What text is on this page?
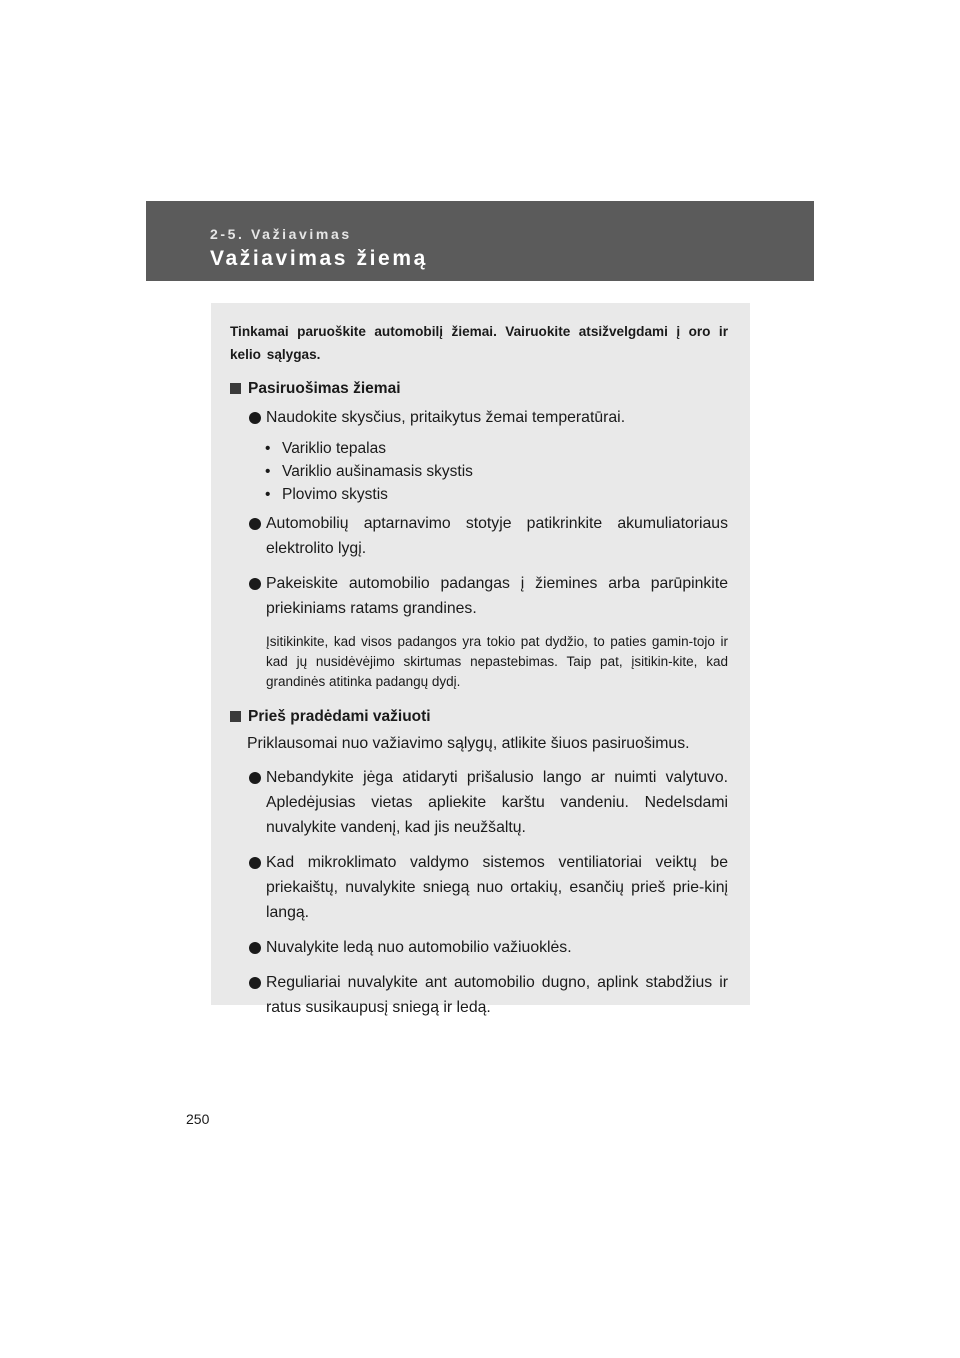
2-5. Važiavimas
Važiavimas žiemą

Tinkamai paruoškite automobilį žiemai. Vairuokite atsižvelgdami į oro ir kelio sąlygas.

Pasiruošimas žiemai

Naudokite skysčius, pritaikytus žemai temperatūrai.

• Variklio tepalas

• Variklio aušinamasis skystis

• Plovimo skystis

Automobilių aptarnavimo stotyje patikrinkite akumuliatoriaus elektrolito lygį.

Pakeiskite automobilio padangas į žiemines arba parūpinkite priekiniams ratams grandines.

Įsitikinkite, kad visos padangos yra tokio pat dydžio, to paties gamin-tojo ir kad jų nusidėvėjimo skirtumas nepastebimas. Taip pat, įsitikin-kite, kad grandinės atitinka padangų dydį.

Prieš pradėdami važiuoti

Priklausomai nuo važiavimo sąlygų, atlikite šiuos pasiruošimus.

Nebandykite jėga atidaryti prišalusio lango ar nuimti valytuvo. Apledėjusias vietas apliekite karštu vandeniu. Nedelsdami nuvalykite vandenį, kad jis neužšaltų.

Kad mikroklimato valdymo sistemos ventiliatoriai veiktų be priekaištų, nuvalykite sniegą nuo ortakių, esančių prieš prie-kinį langą.

Nuvalykite ledą nuo automobilio važiuoklės.

Reguliariai nuvalykite ant automobilio dugno, aplink stabdžius ir ratus susikaupusį sniegą ir ledą.

250
